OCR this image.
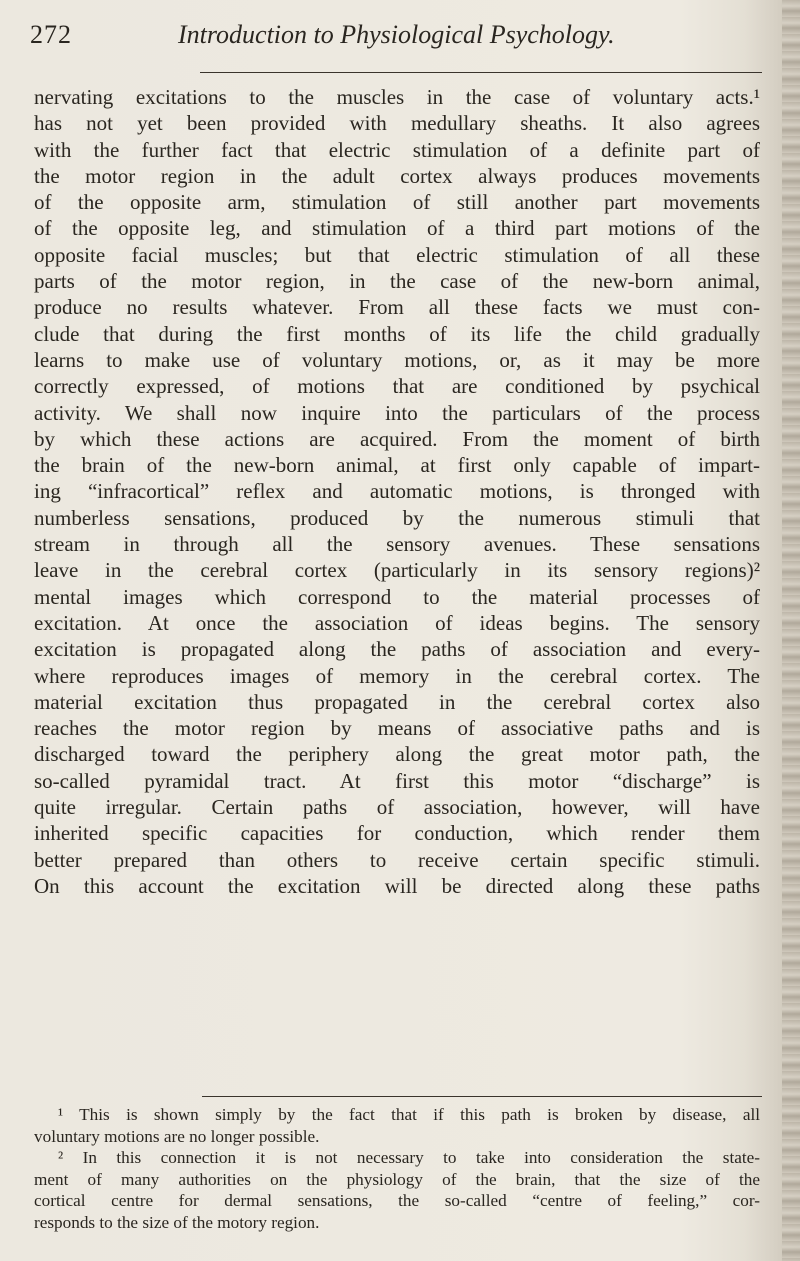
272	Introduction to Physiological Psychology.
nervating excitations to the muscles in the case of voluntary acts.¹
has not yet been provided with medullary sheaths. It also agrees
with the further fact that electric stimulation of a definite part of
the motor region in the adult cortex always produces movements
of the opposite arm, stimulation of still another part movements
of the opposite leg, and stimulation of a third part motions of the
opposite facial muscles; but that electric stimulation of all these
parts of the motor region, in the case of the new-born animal,
produce no results whatever. From all these facts we must con-
clude that during the first months of its life the child gradually
learns to make use of voluntary motions, or, as it may be more
correctly expressed, of motions that are conditioned by psychical
activity. We shall now inquire into the particulars of the process
by which these actions are acquired. From the moment of birth
the brain of the new-born animal, at first only capable of impart-
ing “infracortical” reflex and automatic motions, is thronged with
numberless sensations, produced by the numerous stimuli that
stream in through all the sensory avenues. These sensations
leave in the cerebral cortex (particularly in its sensory regions)²
mental images which correspond to the material processes of
excitation. At once the association of ideas begins. The sensory
excitation is propagated along the paths of association and every-
where reproduces images of memory in the cerebral cortex. The
material excitation thus propagated in the cerebral cortex also
reaches the motor region by means of associative paths and is
discharged toward the periphery along the great motor path, the
so-called pyramidal tract. At first this motor “discharge” is
quite irregular. Certain paths of association, however, will have
inherited specific capacities for conduction, which render them
better prepared than others to receive certain specific stimuli.
On this account the excitation will be directed along these paths
¹ This is shown simply by the fact that if this path is broken by disease, all
voluntary motions are no longer possible.
² In this connection it is not necessary to take into consideration the state-
ment of many authorities on the physiology of the brain, that the size of the
cortical centre for dermal sensations, the so-called “centre of feeling,” cor-
responds to the size of the motory region.
